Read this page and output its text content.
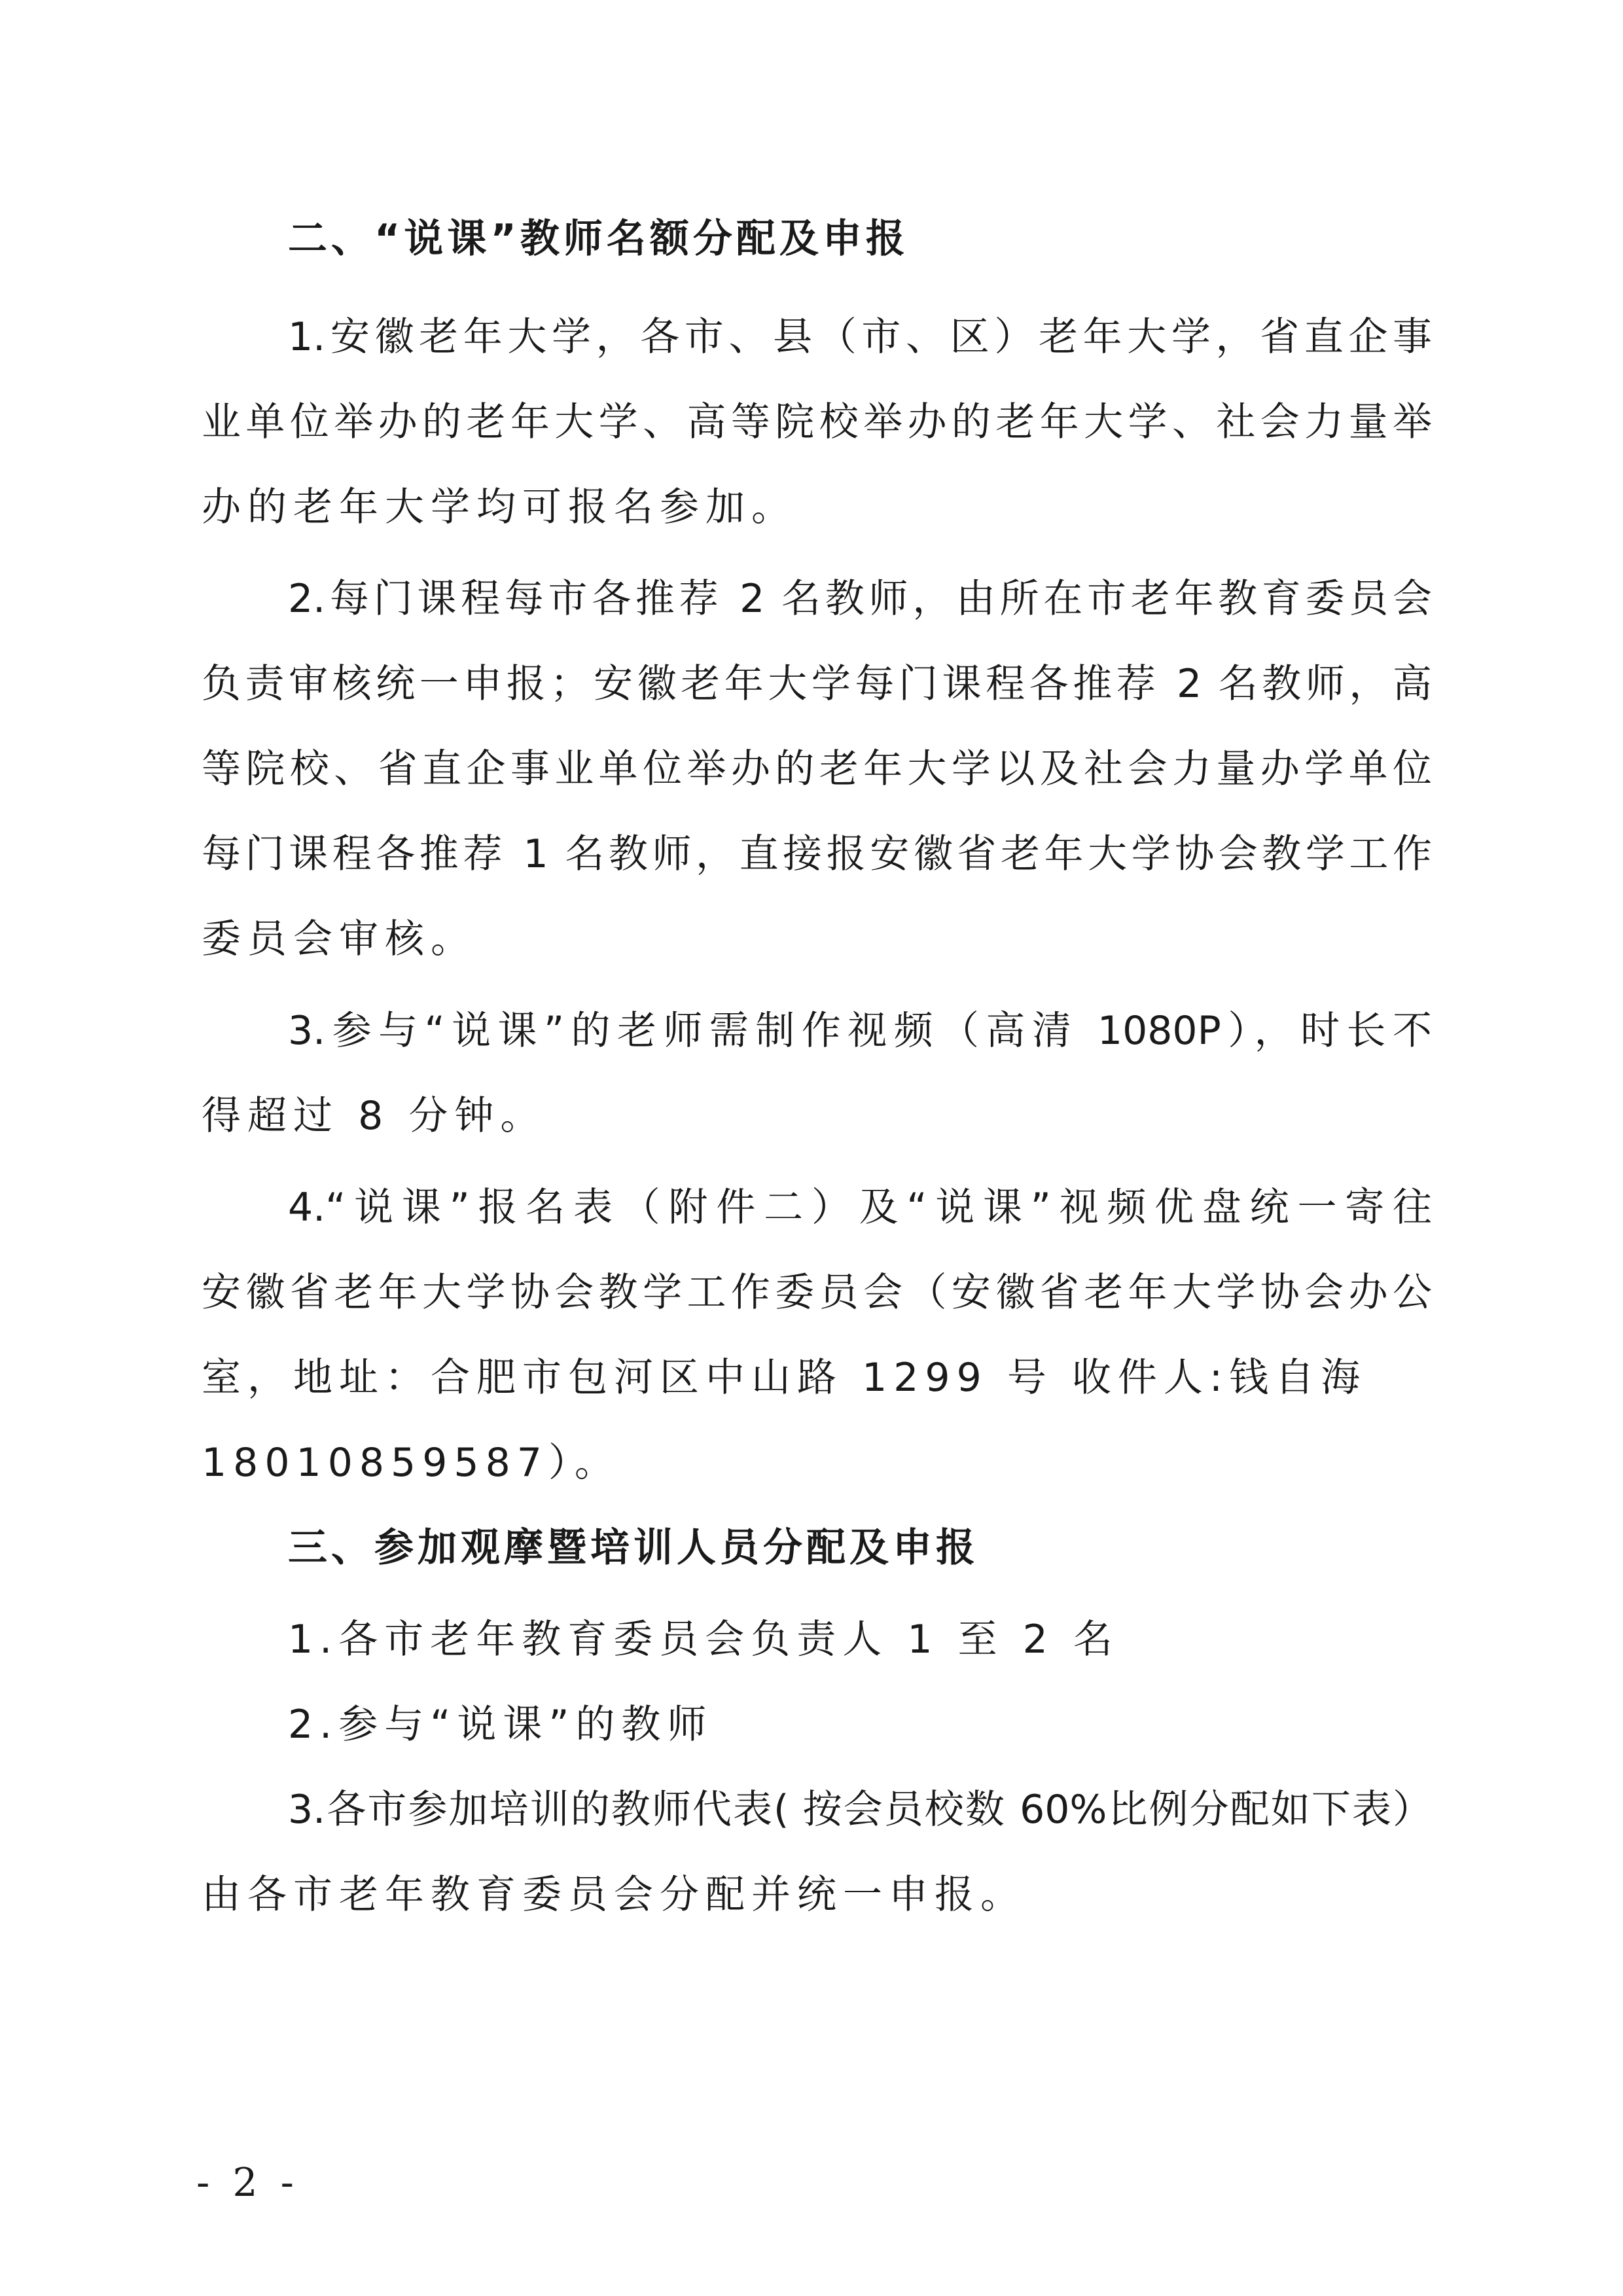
二、“说课”教师名额分配及申报
1.安徽老年大学，各市、县（市、区）老年大学，省直企事
业单位举办的老年大学、高等院校举办的老年大学、社会力量举
办的老年大学均可报名参加。
2.每门课程每市各推荐 2 名教师，由所在市老年教育委员会
负责审核统一申报；安徽老年大学每门课程各推荐 2 名教师，高
等院校、省直企事业单位举办的老年大学以及社会力量办学单位
每门课程各推荐 1 名教师，直接报安徽省老年大学协会教学工作
委员会审核。
3.参与“说课”的老师需制作视频（高清 1080P），时长不
得超过 8 分钟。
4.“说课”报名表（附件二）及“说课”视频优盘统一寄往
安徽省老年大学协会教学工作委员会（安徽省老年大学协会办公
室，地址：合肥市包河区中山路 1299 号 收件人:钱自海
18010859587）。
三、参加观摩暨培训人员分配及申报
1.各市老年教育委员会负责人 1 至 2 名
2.参与“说课”的教师
3.各市参加培训的教师代表( 按会员校数 60%比例分配如下表）
由各市老年教育委员会分配并统一申报。
- 2 -
